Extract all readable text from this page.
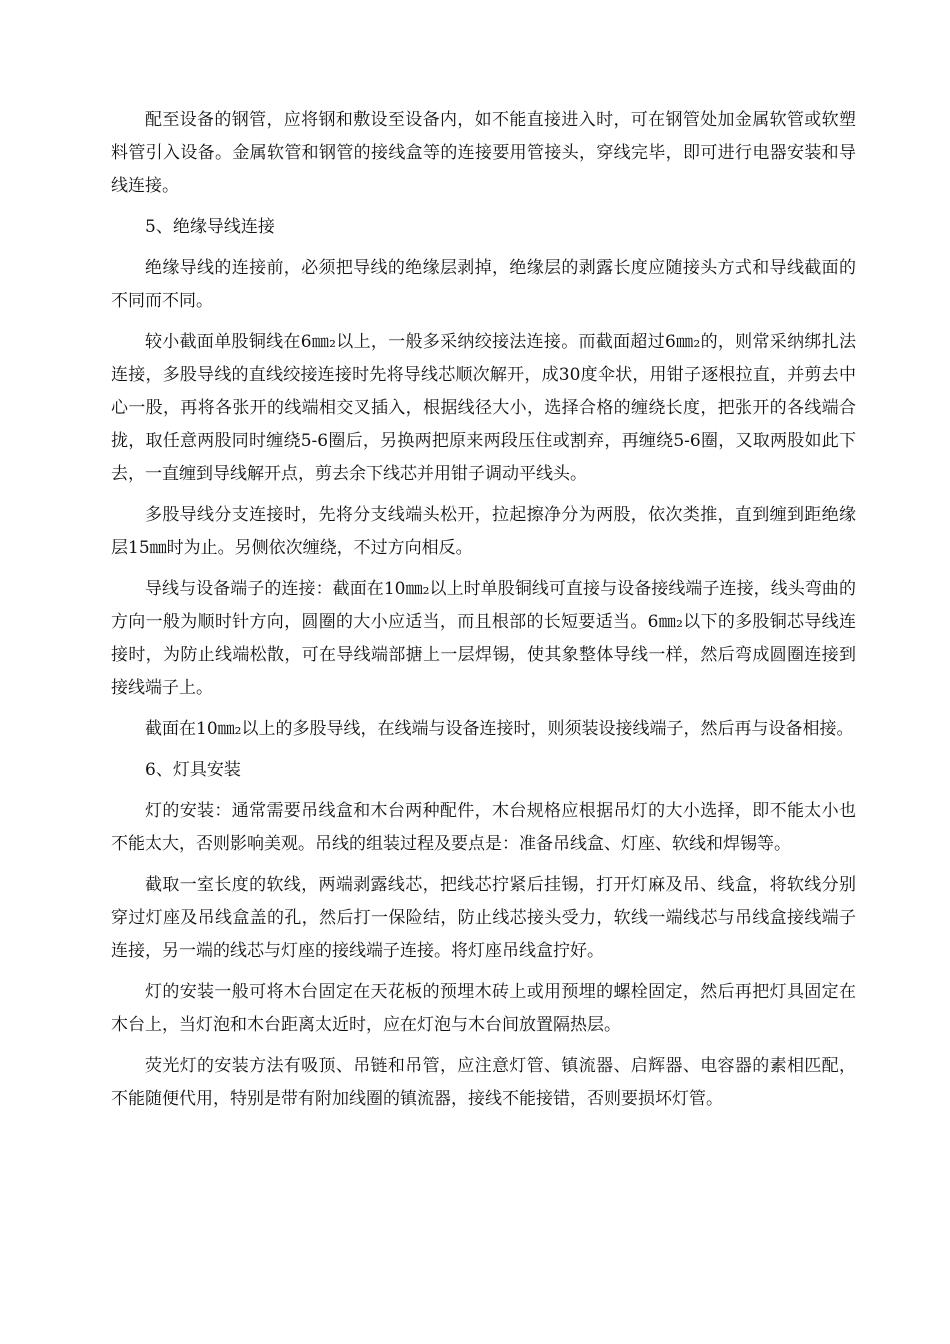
配至设备的钢管，应将钢和敷设至设备内，如不能直接进入时，可在钢管处加金属软管或软塑料管引入设备。金属软管和钢管的接线盒等的连接要用管接头，穿线完毕，即可进行电器安装和导线连接。

5、绝缘导线连接

绝缘导线的连接前，必须把导线的绝缘层剥掉，绝缘层的剥露长度应随接头方式和导线截面的不同而不同。

较小截面单股铜线在6㎜₂以上，一般多采纳绞接法连接。而截面超过6㎜₂的，则常采纳绑扎法连接，多股导线的直线绞接连接时先将导线芯顺次解开，成30度伞状，用钳子逐根拉直，并剪去中心一股，再将各张开的线端相交叉插入，根据线径大小，选择合格的缠绕长度，把张开的各线端合拢，取任意两股同时缠绕5-6圈后，另换两把原来两段压住或割弃，再缠绕5-6圈，又取两股如此下去，一直缠到导线解开点，剪去余下线芯并用钳子调动平线头。

多股导线分支连接时，先将分支线端头松开，拉起擦净分为两股，依次类推，直到缠到距绝缘层15㎜时为止。另侧依次缠绕，不过方向相反。

导线与设备端子的连接：截面在10㎜₂以上时单股铜线可直接与设备接线端子连接，线头弯曲的方向一般为顺时针方向，圆圈的大小应适当，而且根部的长短要适当。6㎜₂以下的多股铜芯导线连接时，为防止线端松散，可在导线端部搪上一层焊锡，使其象整体导线一样，然后弯成圆圈连接到接线端子上。

截面在10㎜₂以上的多股导线，在线端与设备连接时，则须装设接线端子，然后再与设备相接。

6、灯具安装

灯的安装：通常需要吊线盒和木台两种配件，木台规格应根据吊灯的大小选择，即不能太小也不能太大，否则影响美观。吊线的组装过程及要点是：准备吊线盒、灯座、软线和焊锡等。

截取一室长度的软线，两端剥露线芯，把线芯拧紧后挂锡，打开灯麻及吊、线盒，将软线分别穿过灯座及吊线盒盖的孔，然后打一保险结，防止线芯接头受力，软线一端线芯与吊线盒接线端子连接，另一端的线芯与灯座的接线端子连接。将灯座吊线盒拧好。

灯的安装一般可将木台固定在天花板的预埋木砖上或用预埋的螺栓固定，然后再把灯具固定在木台上，当灯泡和木台距离太近时，应在灯泡与木台间放置隔热层。

荧光灯的安装方法有吸顶、吊链和吊管，应注意灯管、镇流器、启辉器、电容器的素相匹配，不能随便代用，特别是带有附加线圈的镇流器，接线不能接错，否则要损坏灯管。
